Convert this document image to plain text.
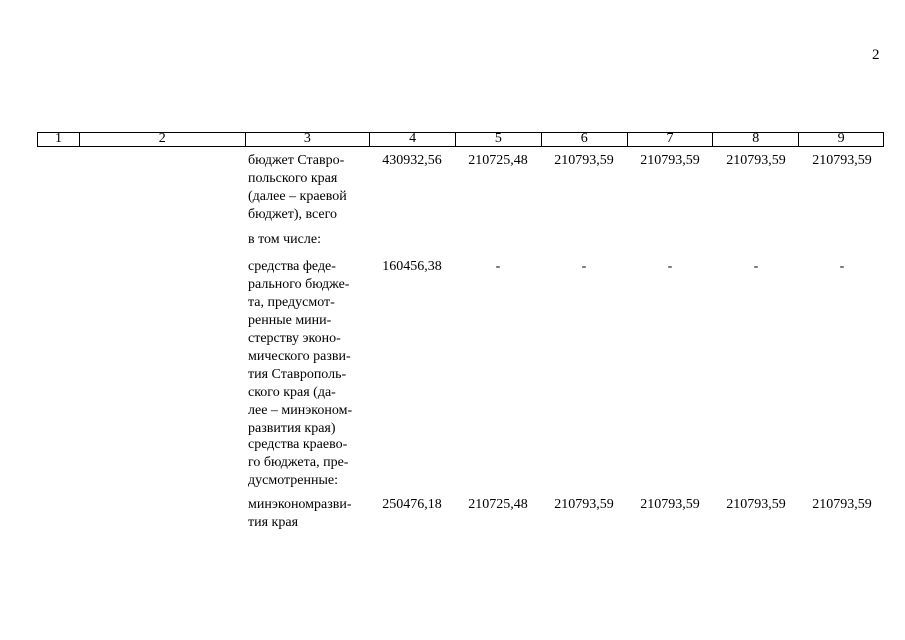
2
1	2	3	4	5	6	7	8	9
бюджет Ставро-
польского края
(далее – краевой
бюджет), всего
430932,56	210725,48	210793,59	210793,59	210793,59	210793,59
в том числе:
средства феде-
рального бюдже-
та, предусмот-
ренные мини-
стерству эконо-
мического разви-
тия Ставрополь-
ского края (да-
лее – минэконом-
развития края)
160456,38	-	-	-	-	-
средства краево-
го бюджета, пре-
дусмотренные:
минэкономразви-
тия края
250476,18	210725,48	210793,59	210793,59	210793,59	210793,59
